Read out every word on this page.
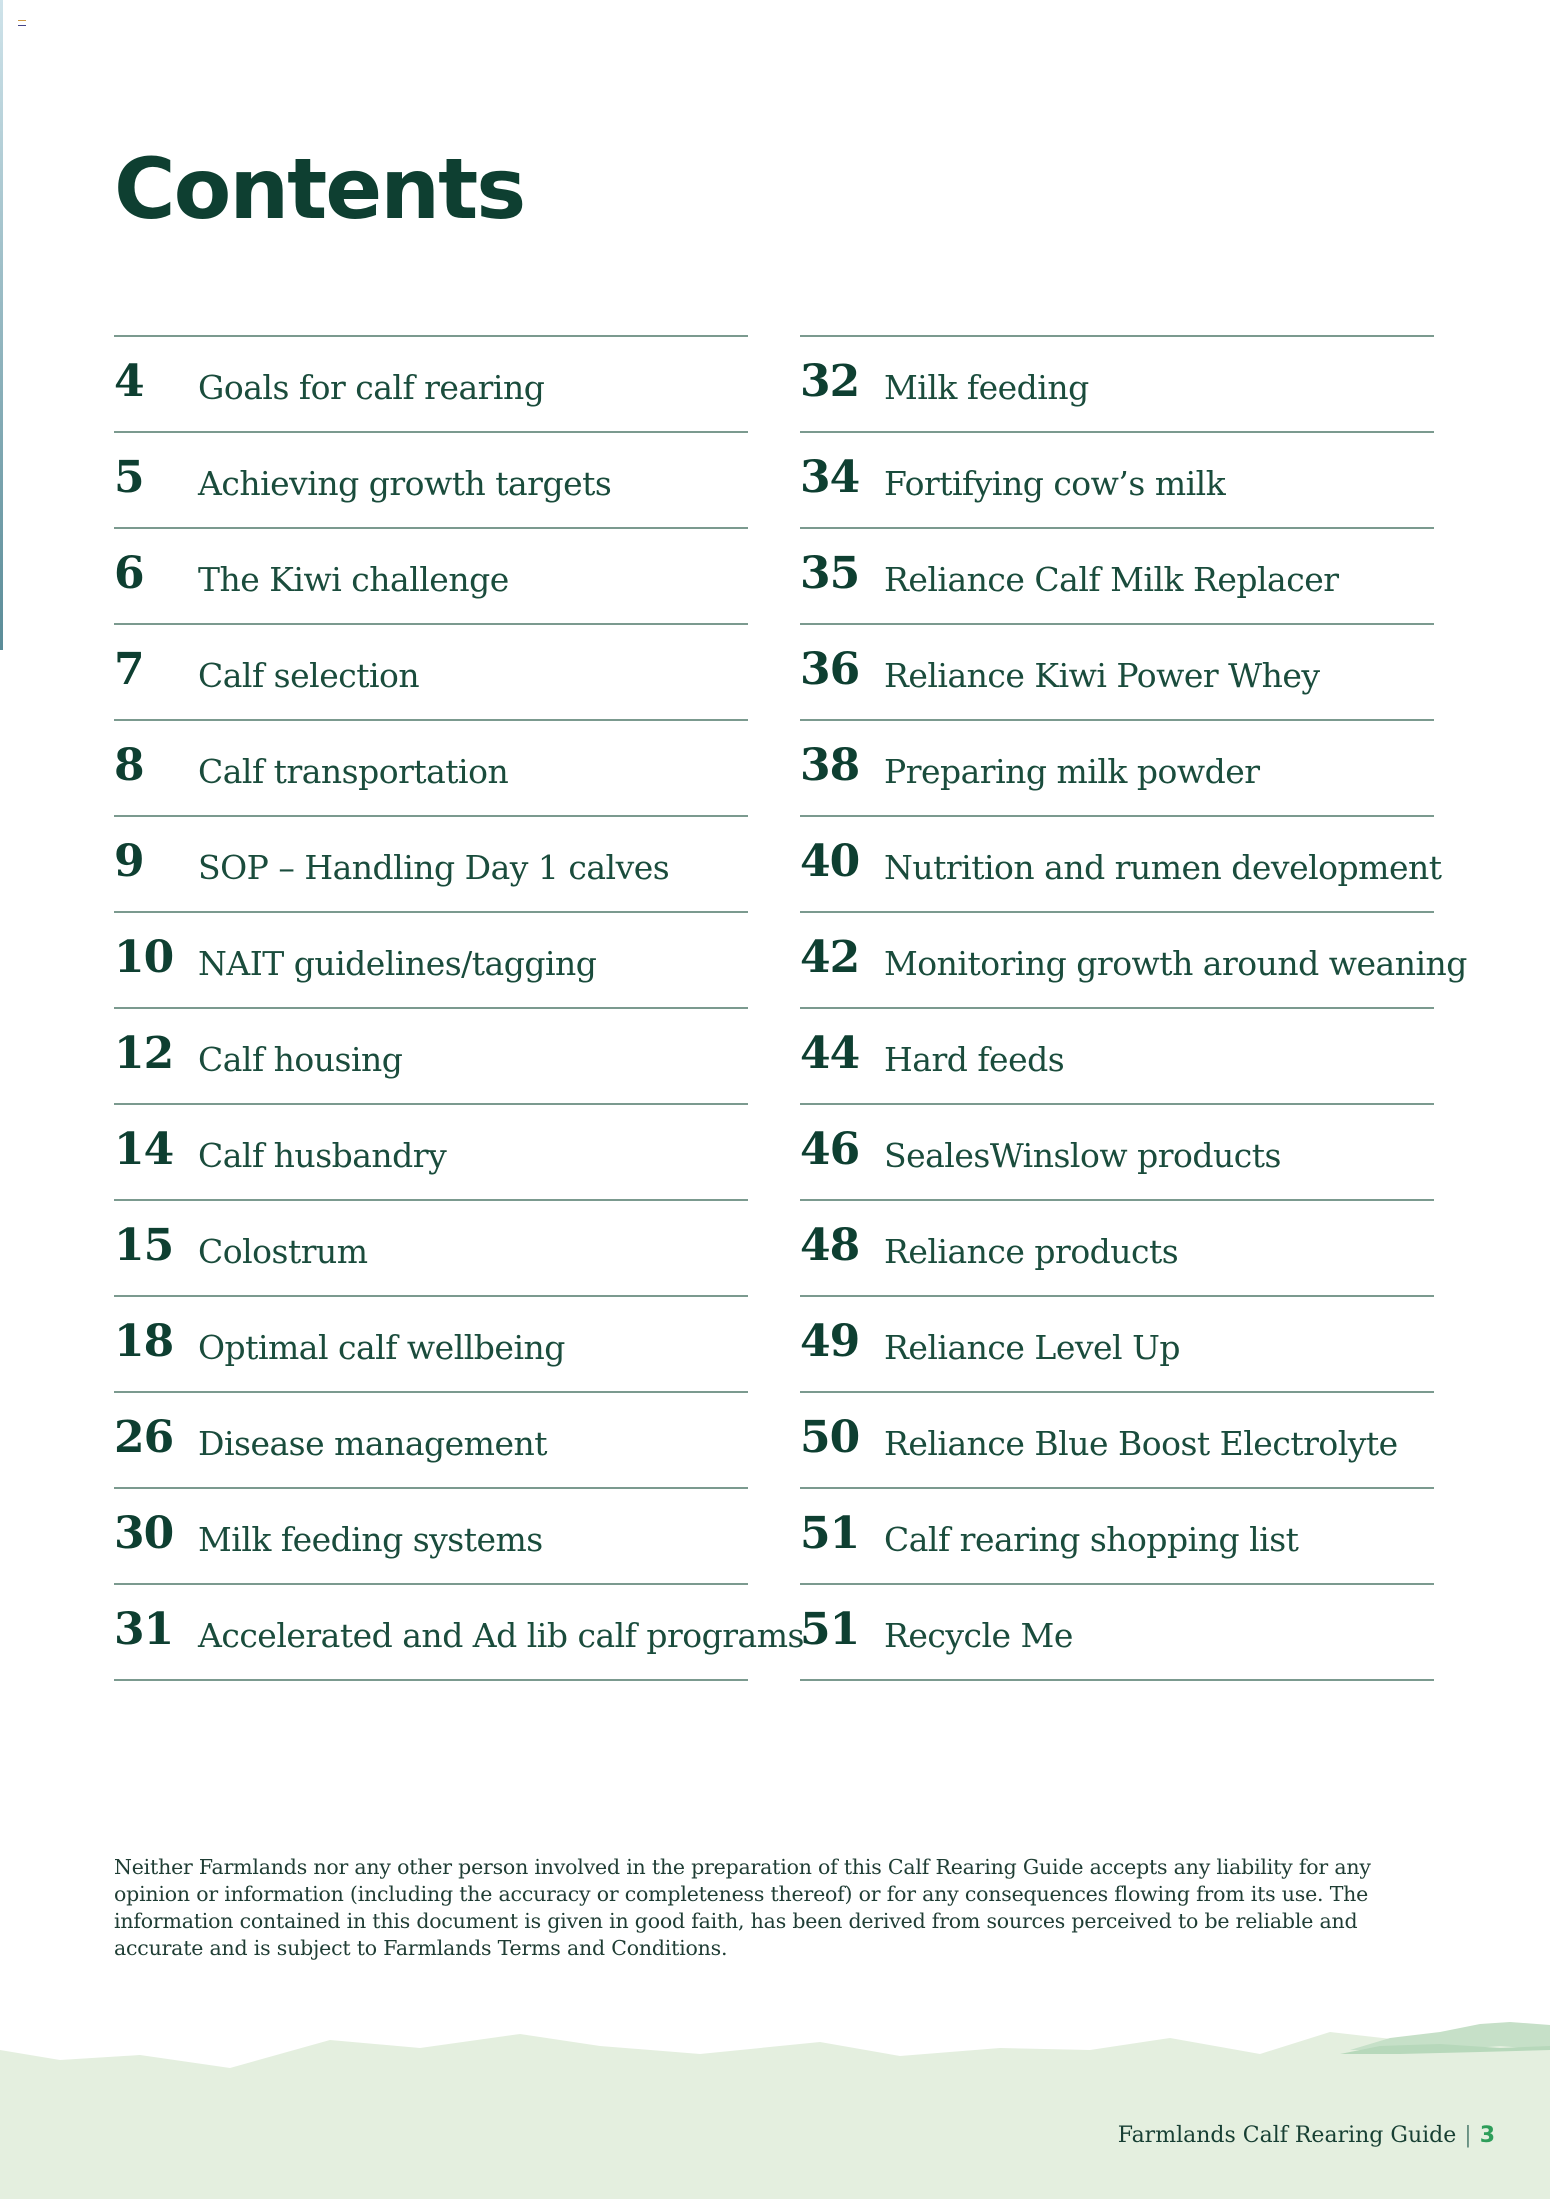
Contents
4	Goals for calf rearing
5	Achieving growth targets
6	The Kiwi challenge
7	Calf selection
8	Calf transportation
9	SOP – Handling Day 1 calves
10 NAIT guidelines/tagging
12 Calf housing
14 Calf husbandry
15 Colostrum
18 Optimal calf wellbeing
26 Disease management
30 Milk feeding systems
31 Accelerated and Ad lib calf programs
32 Milk feeding
34 Fortifying cow’s milk
35 Reliance Calf Milk Replacer
36 Reliance Kiwi Power Whey
38 Preparing milk powder
40 Nutrition and rumen development
42 Monitoring growth around weaning
44 Hard feeds
46 SealesWinslow products
48 Reliance products
49 Reliance Level Up
50 Reliance Blue Boost Electrolyte
51 Calf rearing shopping list
51 Recycle Me

Neither Farmlands nor any other person involved in the preparation of this Calf Rearing Guide accepts any liability for any opinion or information (including the accuracy or completeness thereof) or for any consequences flowing from its use. The information contained in this document is given in good faith, has been derived from sources perceived to be reliable and accurate and is subject to Farmlands Terms and Conditions.

Farmlands Calf Rearing Guide | 3
